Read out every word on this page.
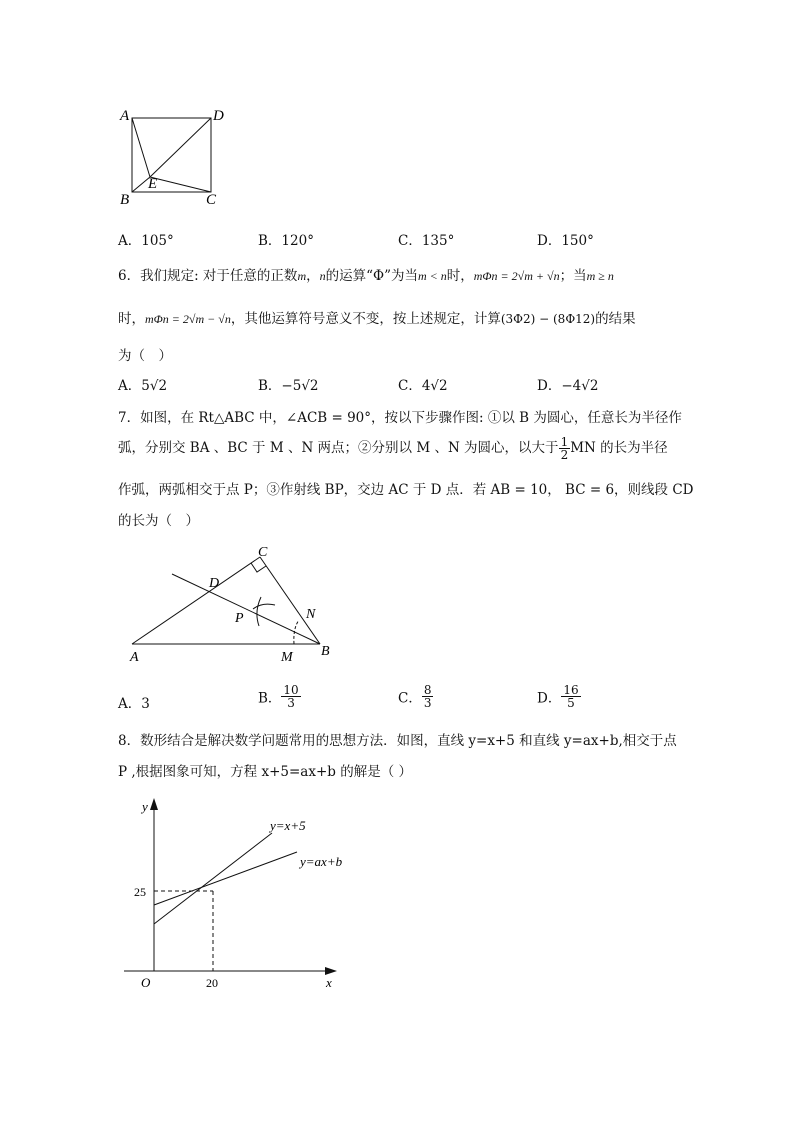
A	D
E
B	C
A．105°	B．120°	C．135°	D．150°
6．我们规定: 对于任意的正数m，n的运算“Φ”为当m < n时，mΦn = 2√m + √n；当m ≥ n
时，mΦn = 2√m − √n，其他运算符号意义不变，按上述规定，计算(3Φ2) − (8Φ12)的结果
为（　）
A．5√2	B．−5√2	C．4√2	D．−4√2
7．如图，在 Rt△ABC 中，∠ACB = 90°，按以下步骤作图: ①以 B 为圆心，任意长为半径作
弧，分别交 BA 、BC 于 M 、N 两点；②分别以 M 、N 为圆心，以大于 $\frac{1}{2}$ MN 的长为半径
作弧，两弧相交于点 P；③作射线 BP，交边 AC 于 D 点．若 AB = 10， BC = 6，则线段 CD
的长为（　）
C
D
P	N
A	M B
A．3	B． $\frac{10}{3}$	C． $\frac{8}{3}$	D． $\frac{16}{5}$
8．数形结合是解决数学问题常用的思想方法．如图，直线 y=x+5 和直线 y=ax+b,相交于点
P ,根据图象可知，方程 x+5=ax+b 的解是（ ）
y
x
O
25
20
y=x+5
y=ax+b
